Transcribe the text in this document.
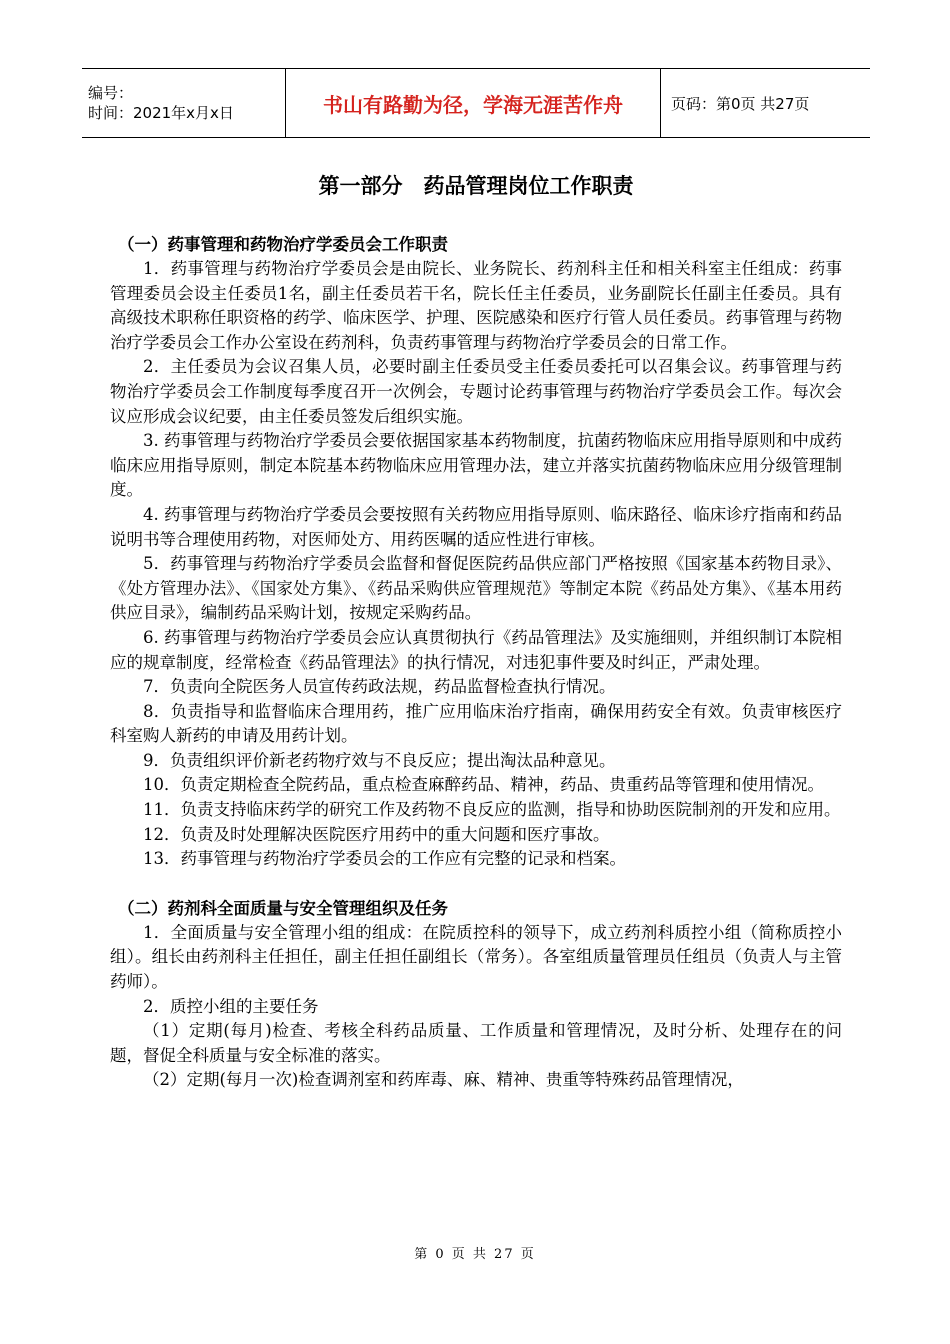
编号：
时间：2021年x月x日	书山有路勤为径，学海无涯苦作舟	页码：第0页 共27页
第一部分　药品管理岗位工作职责
（一）药事管理和药物治疗学委员会工作职责

1．药事管理与药物治疗学委员会是由院长、业务院长、药剂科主任和相关科室主任组成：药事管理委员会设主任委员1名，副主任委员若干名，院长任主任委员，业务副院长任副主任委员。具有高级技术职称任职资格的药学、临床医学、护理、医院感染和医疗行管人员任委员。药事管理与药物治疗学委员会工作办公室设在药剂科，负责药事管理与药物治疗学委员会的日常工作。

2．主任委员为会议召集人员，必要时副主任委员受主任委员委托可以召集会议。药事管理与药物治疗学委员会工作制度每季度召开一次例会，专题讨论药事管理与药物治疗学委员会工作。每次会议应形成会议纪要，由主任委员签发后组织实施。

3. 药事管理与药物治疗学委员会要依据国家基本药物制度，抗菌药物临床应用指导原则和中成药临床应用指导原则，制定本院基本药物临床应用管理办法，建立并落实抗菌药物临床应用分级管理制度。

4. 药事管理与药物治疗学委员会要按照有关药物应用指导原则、临床路径、临床诊疗指南和药品说明书等合理使用药物，对医师处方、用药医嘱的适应性进行审核。

5．药事管理与药物治疗学委员会监督和督促医院药品供应部门严格按照《国家基本药物目录》、《处方管理办法》、《国家处方集》、《药品采购供应管理规范》等制定本院《药品处方集》、《基本用药供应目录》，编制药品采购计划，按规定采购药品。

6. 药事管理与药物治疗学委员会应认真贯彻执行《药品管理法》及实施细则，并组织制订本院相应的规章制度，经常检查《药品管理法》的执行情况，对违犯事件要及时纠正，严肃处理。

7．负责向全院医务人员宣传药政法规，药品监督检查执行情况。

8．负责指导和监督临床合理用药，推广应用临床治疗指南，确保用药安全有效。负责审核医疗科室购人新药的申请及用药计划。

9．负责组织评价新老药物疗效与不良反应；提出淘汰品种意见。

10．负责定期检查全院药品，重点检查麻醉药品、精神，药品、贵重药品等管理和使用情况。

11．负责支持临床药学的研究工作及药物不良反应的监测，指导和协助医院制剂的开发和应用。

12．负责及时处理解决医院医疗用药中的重大问题和医疗事故。

13．药事管理与药物治疗学委员会的工作应有完整的记录和档案。

（二）药剂科全面质量与安全管理组织及任务

1．全面质量与安全管理小组的组成：在院质控科的领导下，成立药剂科质控小组（简称质控小组）。组长由药剂科主任担任，副主任担任副组长（常务）。各室组质量管理员任组员（负责人与主管药师）。

2．质控小组的主要任务

（1）定期(每月)检查、考核全科药品质量、工作质量和管理情况，及时分析、处理存在的问题，督促全科质量与安全标准的落实。

（2）定期(每月一次)检查调剂室和药库毒、麻、精神、贵重等特殊药品管理情况，

第 0 页 共 27 页
